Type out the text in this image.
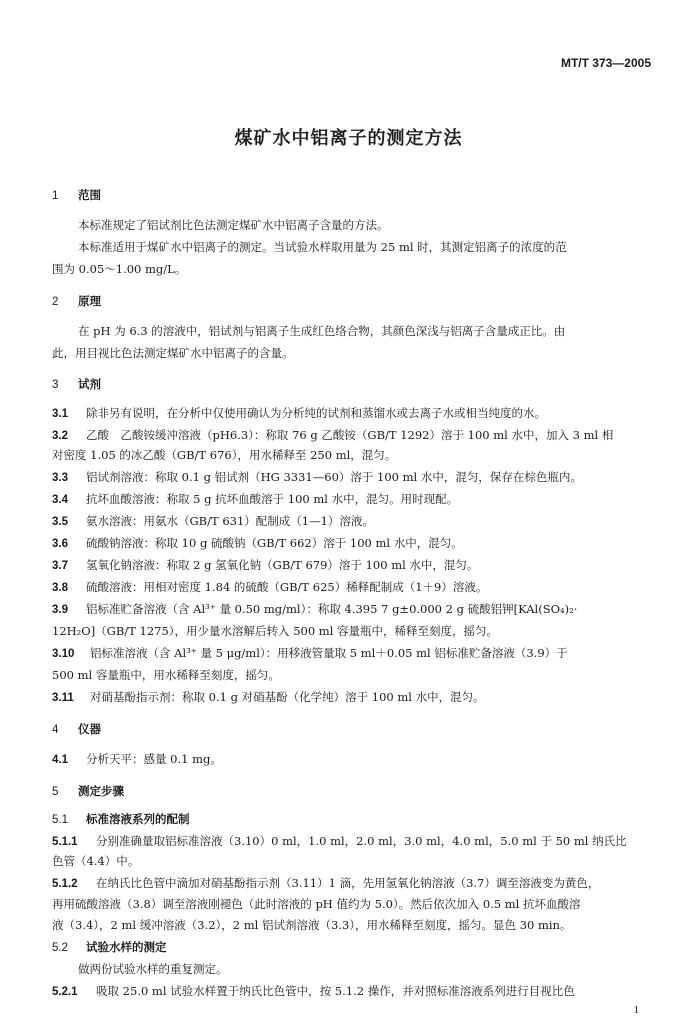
MT/T 373—2005
煤矿水中铝离子的测定方法
1 范围
本标准规定了铝试剂比色法测定煤矿水中铝离子含量的方法。
本标准适用于煤矿水中铝离子的测定。当试验水样取用量为 25 ml 时，其测定铝离子的浓度的范
围为 0.05～1.00 mg/L。
2 原理
在 pH 为 6.3 的溶液中，铝试剂与铝离子生成红色络合物，其颜色深浅与铝离子含量成正比。由
此，用目视比色法测定煤矿水中铝离子的含量。
3 试剂
3.1 除非另有说明，在分析中仅使用确认为分析纯的试剂和蒸馏水或去离子水或相当纯度的水。
3.2 乙酸　乙酸铵缓冲溶液（pH6.3）：称取 76 g 乙酸铵（GB/T 1292）溶于 100 ml 水中，加入 3 ml 相
对密度 1.05 的冰乙酸（GB/T 676），用水稀释至 250 ml，混匀。
3.3 铝试剂溶液：称取 0.1 g 铝试剂（HG 3331—60）溶于 100 ml 水中，混匀，保存在棕色瓶内。
3.4 抗坏血酸溶液：称取 5 g 抗坏血酸溶于 100 ml 水中，混匀。用时现配。
3.5 氨水溶液：用氨水（GB/T 631）配制成（1—1）溶液。
3.6 硫酸钠溶液：称取 10 g 硫酸钠（GB/T 662）溶于 100 ml 水中，混匀。
3.7 氢氧化钠溶液：称取 2 g 氢氧化钠（GB/T 679）溶于 100 ml 水中，混匀。
3.8 硫酸溶液：用相对密度 1.84 的硫酸（GB/T 625）稀释配制成（1＋9）溶液。
3.9 铝标准贮备溶液（含 Al³⁺ 量 0.50 mg/ml）：称取 4.395 7 g±0.000 2 g 硫酸铝钾[KAl(SO₄)₂·
12H₂O]（GB/T 1275），用少量水溶解后转入 500 ml 容量瓶中，稀释至刻度，摇匀。
3.10 铝标准溶液（含 Al³⁺ 量 5 μg/ml）：用移液管量取 5 ml＋0.05 ml 铝标准贮备溶液（3.9）于
500 ml 容量瓶中，用水稀释至刻度，摇匀。
3.11 对硝基酚指示剂：称取 0.1 g 对硝基酚（化学纯）溶于 100 ml 水中，混匀。
4 仪器
4.1 分析天平：感量 0.1 mg。
5 测定步骤
5.1 标准溶液系列的配制
5.1.1 分别准确量取铝标准溶液（3.10）0 ml，1.0 ml，2.0 ml，3.0 ml，4.0 ml，5.0 ml 于 50 ml 纳氏比
色管（4.4）中。
5.1.2 在纳氏比色管中滴加对硝基酚指示剂（3.11）1 滴，先用氢氧化钠溶液（3.7）调至溶液变为黄色，
再用硫酸溶液（3.8）调至溶液刚褪色（此时溶液的 pH 值约为 5.0）。然后依次加入 0.5 ml 抗坏血酸溶
液（3.4），2 ml 缓冲溶液（3.2），2 ml 铝试剂溶液（3.3），用水稀释至刻度，摇匀。显色 30 min。
5.2 试验水样的测定
做两份试验水样的重复测定。
5.2.1 吸取 25.0 ml 试验水样置于纳氏比色管中，按 5.1.2 操作，并对照标准溶液系列进行目视比色
1
